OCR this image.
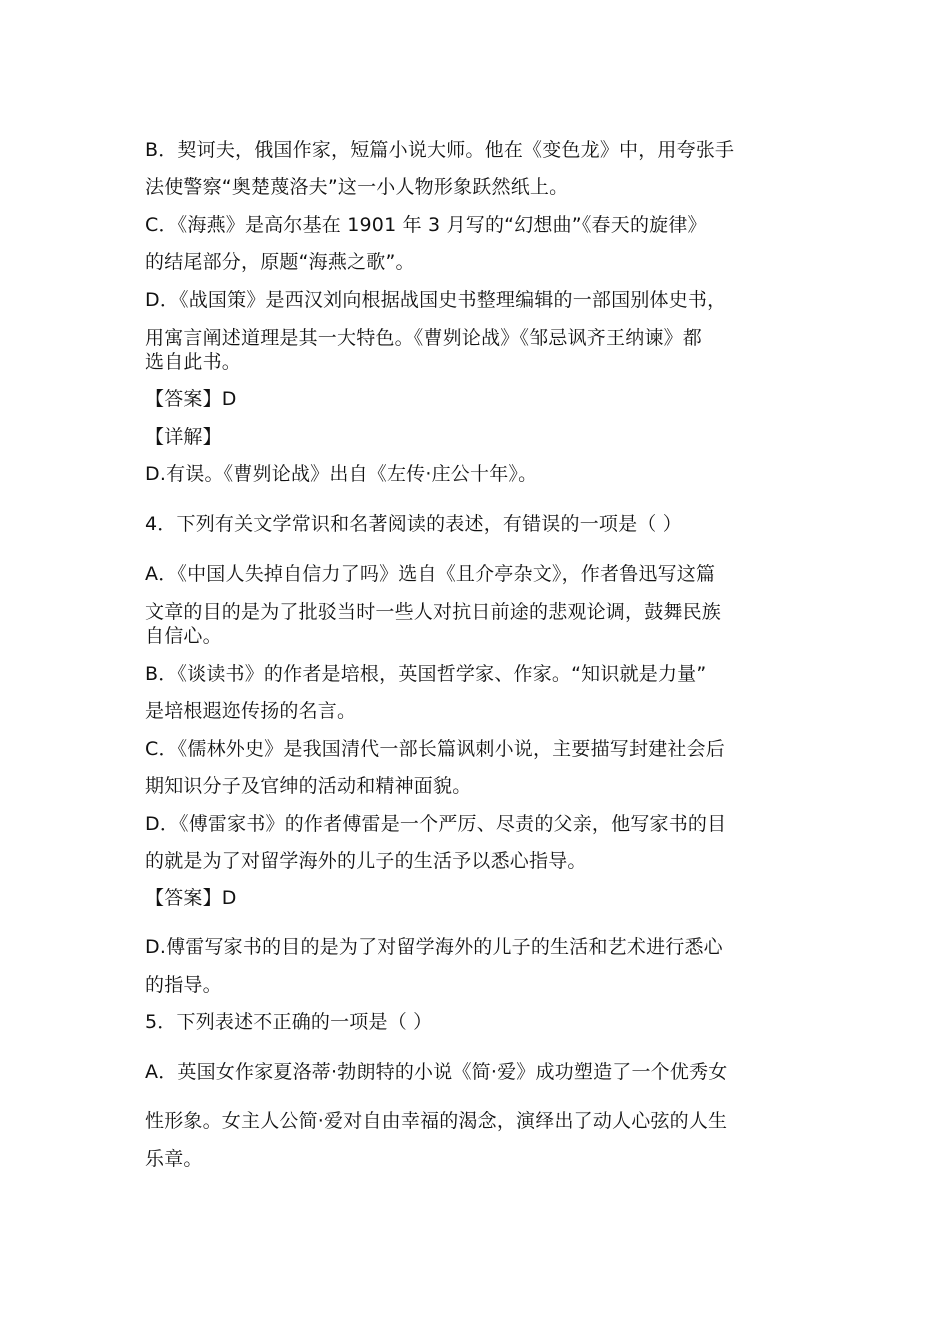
B．契诃夫，俄国作家，短篇小说大师。他在《变色龙》中，用夸张手
法使警察“奥楚蔑洛夫”这一小人物形象跃然纸上。
C．《海燕》是高尔基在 1901 年 3 月写的“幻想曲”《春天的旋律》
的结尾部分，原题“海燕之歌”。
D．《战国策》是西汉刘向根据战国史书整理编辑的一部国别体史书，
用寓言阐述道理是其一大特色。《曹刿论战》《邹忌讽齐王纳谏》都
选自此书。
【答案】D
【详解】
D.有误。《曹刿论战》出自《左传·庄公十年》。
4．下列有关文学常识和名著阅读的表述，有错误的一项是（ ）
A．《中国人失掉自信力了吗》选自《且介亭杂文》，作者鲁迅写这篇
文章的目的是为了批驳当时一些人对抗日前途的悲观论调，鼓舞民族
自信心。
B．《谈读书》的作者是培根，英国哲学家、作家。“知识就是力量”
是培根遐迩传扬的名言。
C．《儒林外史》是我国清代一部长篇讽刺小说，主要描写封建社会后
期知识分子及官绅的活动和精神面貌。
D．《傅雷家书》的作者傅雷是一个严厉、尽责的父亲，他写家书的目
的就是为了对留学海外的儿子的生活予以悉心指导。
【答案】D
D.傅雷写家书的目的是为了对留学海外的儿子的生活和艺术进行悉心
的指导。
5．下列表述不正确的一项是（ ）
A．英国女作家夏洛蒂·勃朗特的小说《简·爱》成功塑造了一个优秀女
性形象。女主人公简·爱对自由幸福的渴念，演绎出了动人心弦的人生
乐章。
